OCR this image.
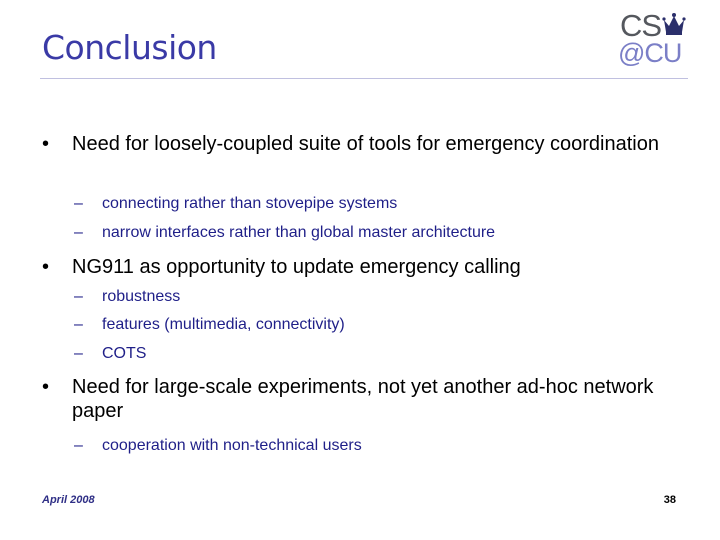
Conclusion
CS
@CU
•	Need for loosely-coupled suite of tools for emergency coordination
– connecting rather than stovepipe systems
– narrow interfaces rather than global master architecture
•	NG911 as opportunity to update emergency calling
– robustness
– features (multimedia, connectivity)
– COTS
•	Need for large-scale experiments, not yet another ad-hoc network paper
– cooperation with non-technical users
April 2008	38
